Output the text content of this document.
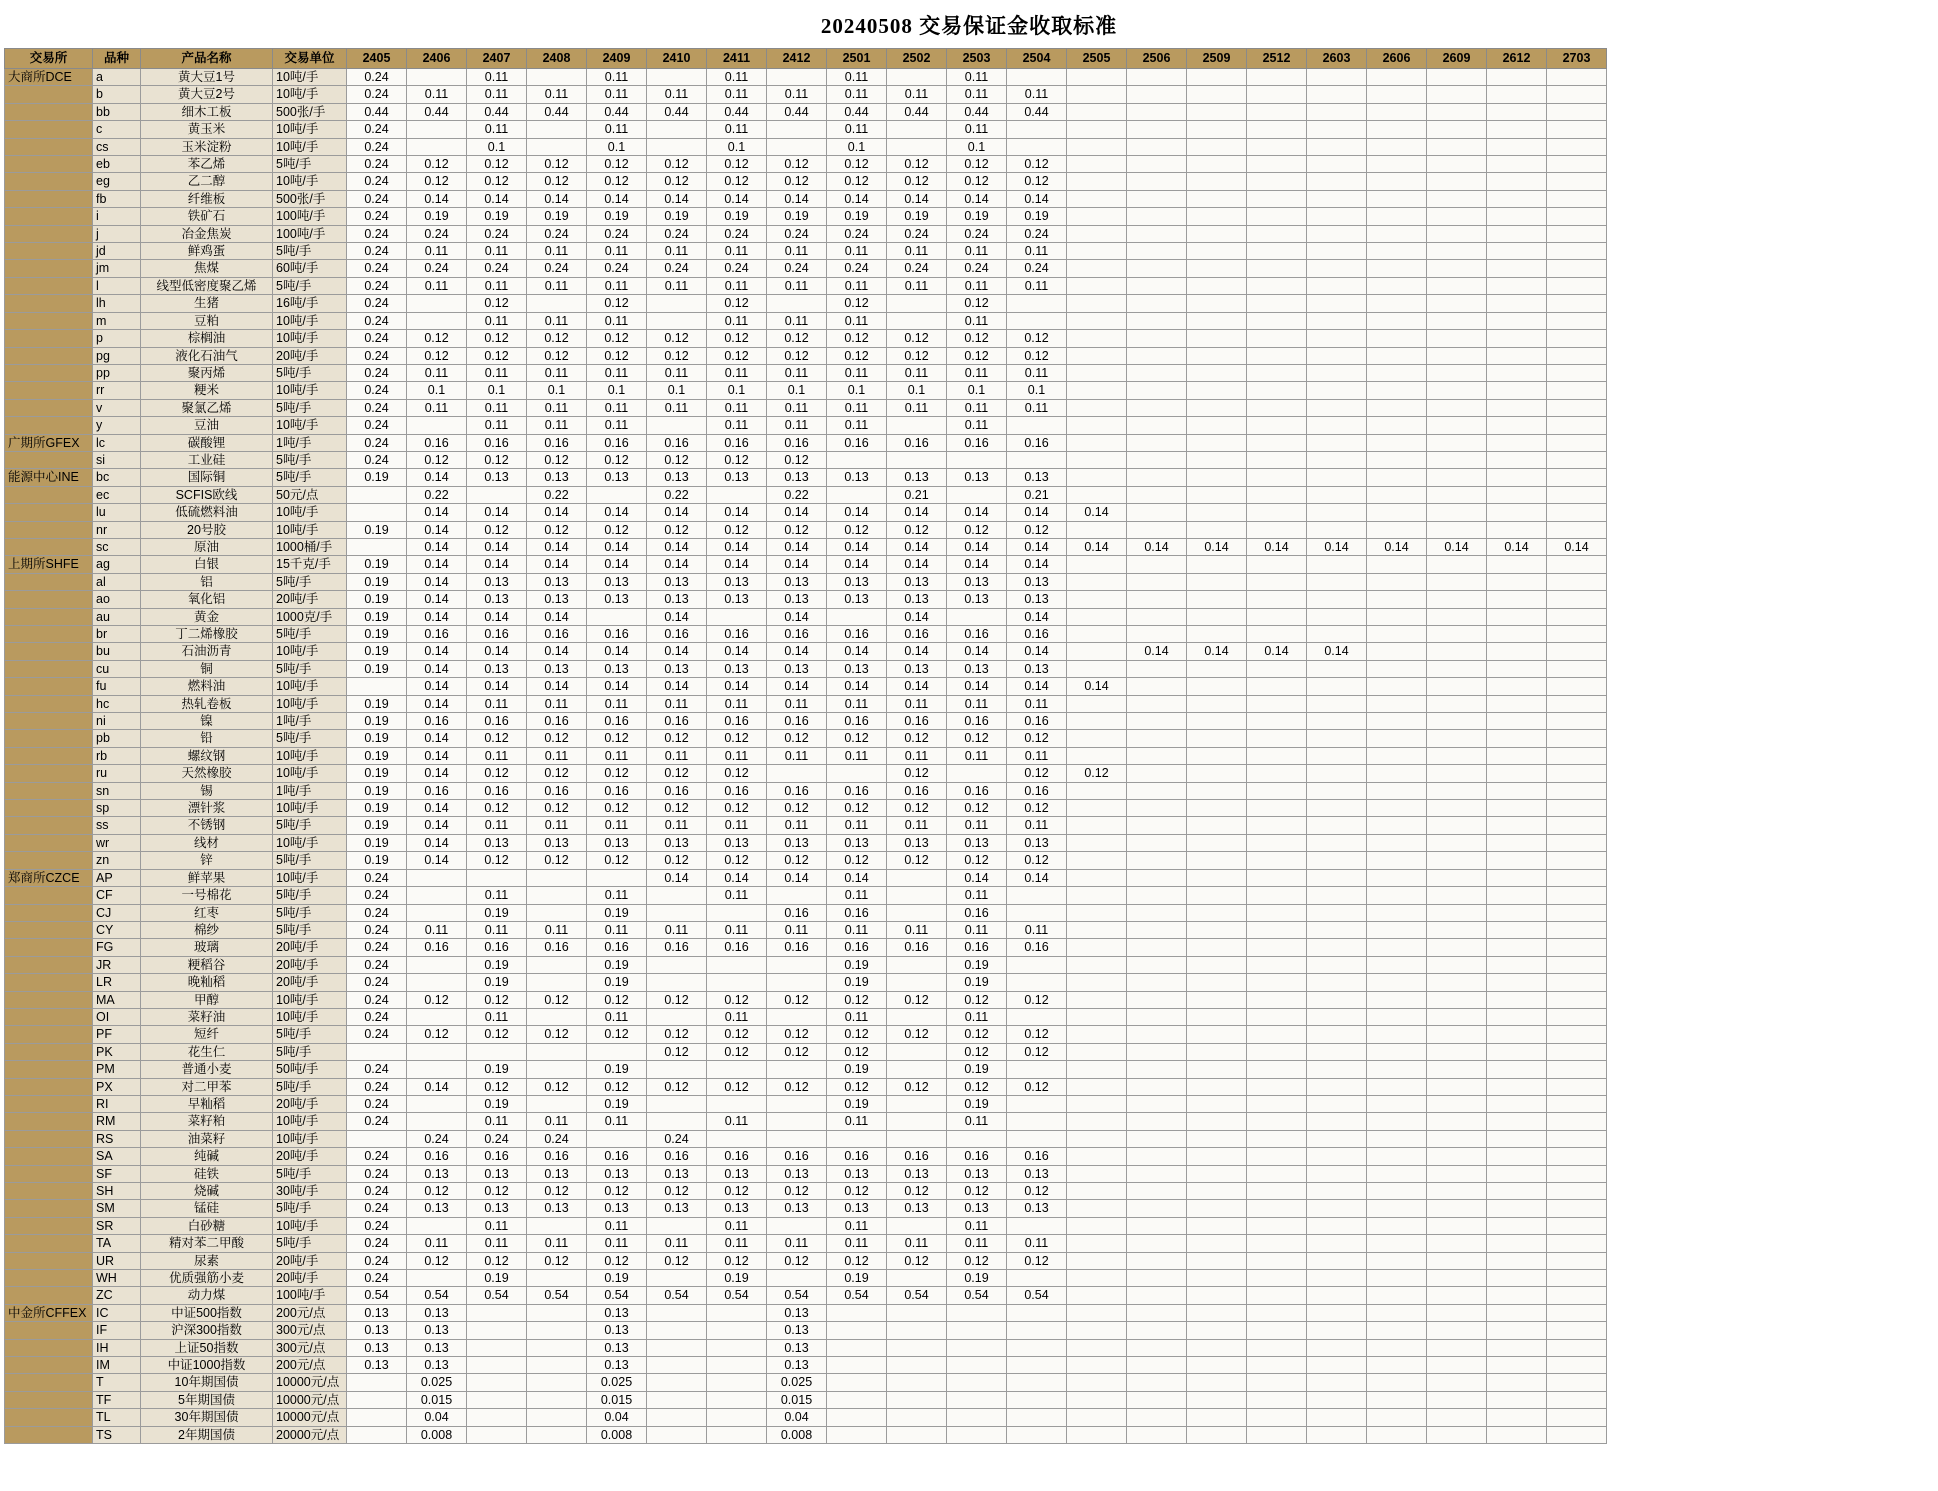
20240508 交易保证金收取标准
交易所	品种	产品名称	交易单位	2405	2406	2407	2408	2409	2410	2411	2412	2501	2502	2503	2504	2505	2506	2509	2512	2603	2606	2609	2612	2703
大商所DCE	a	黄大豆1号	10吨/手	0.24		0.11		0.11		0.11		0.11		0.11										
	b	黄大豆2号	10吨/手	0.24	0.11	0.11	0.11	0.11	0.11	0.11	0.11	0.11	0.11	0.11	0.11									
	bb	细木工板	500张/手	0.44	0.44	0.44	0.44	0.44	0.44	0.44	0.44	0.44	0.44	0.44	0.44									
	c	黄玉米	10吨/手	0.24		0.11		0.11		0.11		0.11		0.11										
	cs	玉米淀粉	10吨/手	0.24		0.1		0.1		0.1		0.1		0.1										
	eb	苯乙烯	5吨/手	0.24	0.12	0.12	0.12	0.12	0.12	0.12	0.12	0.12	0.12	0.12	0.12									
	eg	乙二醇	10吨/手	0.24	0.12	0.12	0.12	0.12	0.12	0.12	0.12	0.12	0.12	0.12	0.12									
	fb	纤维板	500张/手	0.24	0.14	0.14	0.14	0.14	0.14	0.14	0.14	0.14	0.14	0.14	0.14									
	i	铁矿石	100吨/手	0.24	0.19	0.19	0.19	0.19	0.19	0.19	0.19	0.19	0.19	0.19	0.19									
	j	冶金焦炭	100吨/手	0.24	0.24	0.24	0.24	0.24	0.24	0.24	0.24	0.24	0.24	0.24	0.24									
	jd	鲜鸡蛋	5吨/手	0.24	0.11	0.11	0.11	0.11	0.11	0.11	0.11	0.11	0.11	0.11	0.11									
	jm	焦煤	60吨/手	0.24	0.24	0.24	0.24	0.24	0.24	0.24	0.24	0.24	0.24	0.24	0.24									
	l	线型低密度聚乙烯	5吨/手	0.24	0.11	0.11	0.11	0.11	0.11	0.11	0.11	0.11	0.11	0.11	0.11									
	lh	生猪	16吨/手	0.24		0.12		0.12		0.12		0.12		0.12										
	m	豆粕	10吨/手	0.24		0.11	0.11	0.11		0.11	0.11	0.11		0.11										
	p	棕榈油	10吨/手	0.24	0.12	0.12	0.12	0.12	0.12	0.12	0.12	0.12	0.12	0.12	0.12									
	pg	液化石油气	20吨/手	0.24	0.12	0.12	0.12	0.12	0.12	0.12	0.12	0.12	0.12	0.12	0.12									
	pp	聚丙烯	5吨/手	0.24	0.11	0.11	0.11	0.11	0.11	0.11	0.11	0.11	0.11	0.11	0.11									
	rr	粳米	10吨/手	0.24	0.1	0.1	0.1	0.1	0.1	0.1	0.1	0.1	0.1	0.1	0.1									
	v	聚氯乙烯	5吨/手	0.24	0.11	0.11	0.11	0.11	0.11	0.11	0.11	0.11	0.11	0.11	0.11									
	y	豆油	10吨/手	0.24		0.11	0.11	0.11		0.11	0.11	0.11		0.11										
广期所GFEX	lc	碳酸锂	1吨/手	0.24	0.16	0.16	0.16	0.16	0.16	0.16	0.16	0.16	0.16	0.16	0.16									
	si	工业硅	5吨/手	0.24	0.12	0.12	0.12	0.12	0.12	0.12	0.12													
能源中心INE	bc	国际铜	5吨/手	0.19	0.14	0.13	0.13	0.13	0.13	0.13	0.13	0.13	0.13	0.13	0.13									
	ec	SCFIS欧线	50元/点		0.22		0.22		0.22		0.22		0.21		0.21									
	lu	低硫燃料油	10吨/手		0.14	0.14	0.14	0.14	0.14	0.14	0.14	0.14	0.14	0.14	0.14	0.14								
	nr	20号胶	10吨/手	0.19	0.14	0.12	0.12	0.12	0.12	0.12	0.12	0.12	0.12	0.12	0.12									
	sc	原油	1000桶/手		0.14	0.14	0.14	0.14	0.14	0.14	0.14	0.14	0.14	0.14	0.14	0.14	0.14	0.14	0.14	0.14	0.14	0.14	0.14	0.14
上期所SHFE	ag	白银	15千克/手	0.19	0.14	0.14	0.14	0.14	0.14	0.14	0.14	0.14	0.14	0.14	0.14									
	al	铝	5吨/手	0.19	0.14	0.13	0.13	0.13	0.13	0.13	0.13	0.13	0.13	0.13	0.13									
	ao	氧化铝	20吨/手	0.19	0.14	0.13	0.13	0.13	0.13	0.13	0.13	0.13	0.13	0.13	0.13									
	au	黄金	1000克/手	0.19	0.14	0.14	0.14		0.14		0.14		0.14		0.14									
	br	丁二烯橡胶	5吨/手	0.19	0.16	0.16	0.16	0.16	0.16	0.16	0.16	0.16	0.16	0.16	0.16									
	bu	石油沥青	10吨/手	0.19	0.14	0.14	0.14	0.14	0.14	0.14	0.14	0.14	0.14	0.14	0.14		0.14	0.14	0.14	0.14				
	cu	铜	5吨/手	0.19	0.14	0.13	0.13	0.13	0.13	0.13	0.13	0.13	0.13	0.13	0.13									
	fu	燃料油	10吨/手		0.14	0.14	0.14	0.14	0.14	0.14	0.14	0.14	0.14	0.14	0.14	0.14								
	hc	热轧卷板	10吨/手	0.19	0.14	0.11	0.11	0.11	0.11	0.11	0.11	0.11	0.11	0.11	0.11									
	ni	镍	1吨/手	0.19	0.16	0.16	0.16	0.16	0.16	0.16	0.16	0.16	0.16	0.16	0.16									
	pb	铅	5吨/手	0.19	0.14	0.12	0.12	0.12	0.12	0.12	0.12	0.12	0.12	0.12	0.12									
	rb	螺纹钢	10吨/手	0.19	0.14	0.11	0.11	0.11	0.11	0.11	0.11	0.11	0.11	0.11	0.11									
	ru	天然橡胶	10吨/手	0.19	0.14	0.12	0.12	0.12	0.12	0.12			0.12		0.12	0.12								
	sn	锡	1吨/手	0.19	0.16	0.16	0.16	0.16	0.16	0.16	0.16	0.16	0.16	0.16	0.16									
	sp	漂针浆	10吨/手	0.19	0.14	0.12	0.12	0.12	0.12	0.12	0.12	0.12	0.12	0.12	0.12									
	ss	不锈钢	5吨/手	0.19	0.14	0.11	0.11	0.11	0.11	0.11	0.11	0.11	0.11	0.11	0.11									
	wr	线材	10吨/手	0.19	0.14	0.13	0.13	0.13	0.13	0.13	0.13	0.13	0.13	0.13	0.13									
	zn	锌	5吨/手	0.19	0.14	0.12	0.12	0.12	0.12	0.12	0.12	0.12	0.12	0.12	0.12									
郑商所CZCE	AP	鲜苹果	10吨/手	0.24					0.14	0.14	0.14	0.14		0.14	0.14									
	CF	一号棉花	5吨/手	0.24		0.11		0.11		0.11		0.11		0.11										
	CJ	红枣	5吨/手	0.24		0.19		0.19			0.16	0.16		0.16										
	CY	棉纱	5吨/手	0.24	0.11	0.11	0.11	0.11	0.11	0.11	0.11	0.11	0.11	0.11	0.11									
	FG	玻璃	20吨/手	0.24	0.16	0.16	0.16	0.16	0.16	0.16	0.16	0.16	0.16	0.16	0.16									
	JR	粳稻谷	20吨/手	0.24		0.19		0.19				0.19		0.19										
	LR	晚籼稻	20吨/手	0.24		0.19		0.19				0.19		0.19										
	MA	甲醇	10吨/手	0.24	0.12	0.12	0.12	0.12	0.12	0.12	0.12	0.12	0.12	0.12	0.12									
	OI	菜籽油	10吨/手	0.24		0.11		0.11		0.11		0.11		0.11										
	PF	短纤	5吨/手	0.24	0.12	0.12	0.12	0.12	0.12	0.12	0.12	0.12	0.12	0.12	0.12									
	PK	花生仁	5吨/手						0.12	0.12	0.12	0.12		0.12	0.12									
	PM	普通小麦	50吨/手	0.24		0.19		0.19				0.19		0.19										
	PX	对二甲苯	5吨/手	0.24	0.14	0.12	0.12	0.12	0.12	0.12	0.12	0.12	0.12	0.12	0.12									
	RI	早籼稻	20吨/手	0.24		0.19		0.19				0.19		0.19										
	RM	菜籽粕	10吨/手	0.24		0.11	0.11	0.11		0.11		0.11		0.11										
	RS	油菜籽	10吨/手		0.24	0.24	0.24		0.24															
	SA	纯碱	20吨/手	0.24	0.16	0.16	0.16	0.16	0.16	0.16	0.16	0.16	0.16	0.16	0.16									
	SF	硅铁	5吨/手	0.24	0.13	0.13	0.13	0.13	0.13	0.13	0.13	0.13	0.13	0.13	0.13									
	SH	烧碱	30吨/手	0.24	0.12	0.12	0.12	0.12	0.12	0.12	0.12	0.12	0.12	0.12	0.12									
	SM	锰硅	5吨/手	0.24	0.13	0.13	0.13	0.13	0.13	0.13	0.13	0.13	0.13	0.13	0.13									
	SR	白砂糖	10吨/手	0.24		0.11		0.11		0.11		0.11		0.11										
	TA	精对苯二甲酸	5吨/手	0.24	0.11	0.11	0.11	0.11	0.11	0.11	0.11	0.11	0.11	0.11	0.11									
	UR	尿素	20吨/手	0.24	0.12	0.12	0.12	0.12	0.12	0.12	0.12	0.12	0.12	0.12	0.12									
	WH	优质强筋小麦	20吨/手	0.24		0.19		0.19		0.19		0.19		0.19										
	ZC	动力煤	100吨/手	0.54	0.54	0.54	0.54	0.54	0.54	0.54	0.54	0.54	0.54	0.54	0.54									
中金所CFFEX	IC	中证500指数	200元/点	0.13	0.13			0.13			0.13													
	IF	沪深300指数	300元/点	0.13	0.13			0.13			0.13													
	IH	上证50指数	300元/点	0.13	0.13			0.13			0.13													
	IM	中证1000指数	200元/点	0.13	0.13			0.13			0.13													
	T	10年期国债	10000元/点		0.025			0.025			0.025													
	TF	5年期国债	10000元/点		0.015			0.015			0.015													
	TL	30年期国债	10000元/点		0.04			0.04			0.04													
	TS	2年期国债	20000元/点		0.008			0.008			0.008													
